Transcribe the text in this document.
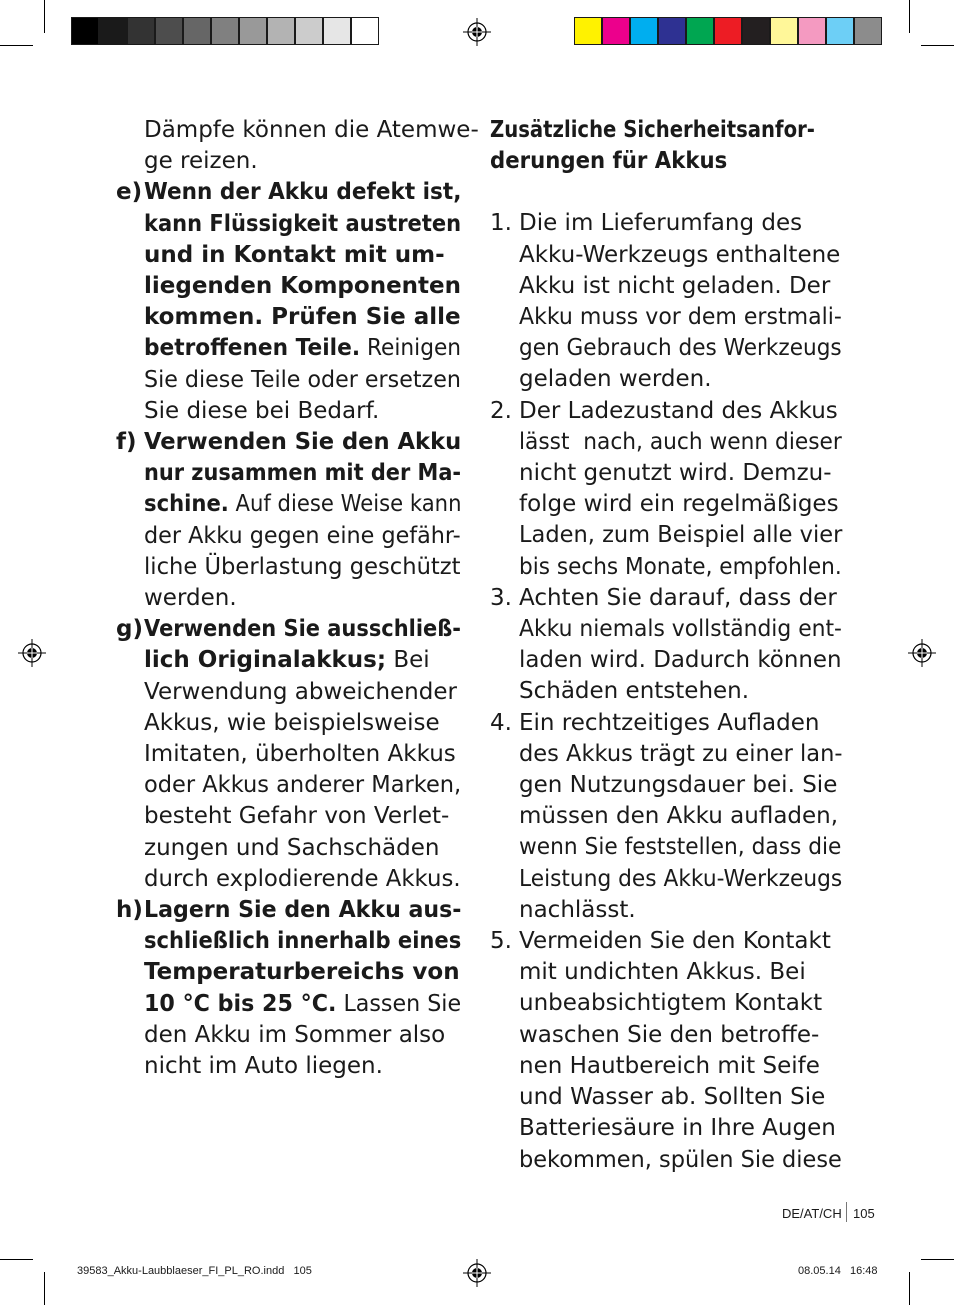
Dämpfe können die Atemwe-
ge reizen.
e) Wenn der Akku defekt ist,
kann Flüssigkeit austreten
und in Kontakt mit um-
liegenden Komponenten
kommen. Prüfen Sie alle
betroffenen Teile. Reinigen
Sie diese Teile oder ersetzen
Sie diese bei Bedarf.
f) Verwenden Sie den Akku
nur zusammen mit der Ma-
schine. Auf diese Weise kann
der Akku gegen eine gefähr-
liche Überlastung geschützt
werden.
g) Verwenden Sie ausschließ-
lich Originalakkus; Bei
Verwendung abweichender
Akkus, wie beispielsweise
Imitaten, überholten Akkus
oder Akkus anderer Marken,
besteht Gefahr von Verlet-
zungen und Sachschäden
durch explodierende Akkus.
h) Lagern Sie den Akku aus-
schließlich innerhalb eines
Temperaturbereichs von
10 °C bis 25 °C. Lassen Sie
den Akku im Sommer also
nicht im Auto liegen.
Zusätzliche Sicherheitsanfor-
derungen für Akkus
1. Die im Lieferumfang des
Akku-Werkzeugs enthaltene
Akku ist nicht geladen. Der
Akku muss vor dem erstmali-
gen Gebrauch des Werkzeugs
geladen werden.
2. Der Ladezustand des Akkus
lässt  nach, auch wenn dieser
nicht genutzt wird. Demzu-
folge wird ein regelmäßiges
Laden, zum Beispiel alle vier
bis sechs Monate, empfohlen.
3. Achten Sie darauf, dass der
Akku niemals vollständig ent-
laden wird. Dadurch können
Schäden entstehen.
4. Ein rechtzeitiges Aufladen
des Akkus trägt zu einer lan-
gen Nutzungsdauer bei. Sie
müssen den Akku aufladen,
wenn Sie feststellen, dass die
Leistung des Akku-Werkzeugs
nachlässt.
5. Vermeiden Sie den Kontakt
mit undichten Akkus. Bei
unbeabsichtigtem Kontakt
waschen Sie den betroffe-
nen Hautbereich mit Seife
und Wasser ab. Sollten Sie
Batteriesäure in Ihre Augen
bekommen, spülen Sie diese
DE/AT/CH 105
39583_Akku-Laubblaeser_FI_PL_RO.indd   105	08.05.14   16:48
